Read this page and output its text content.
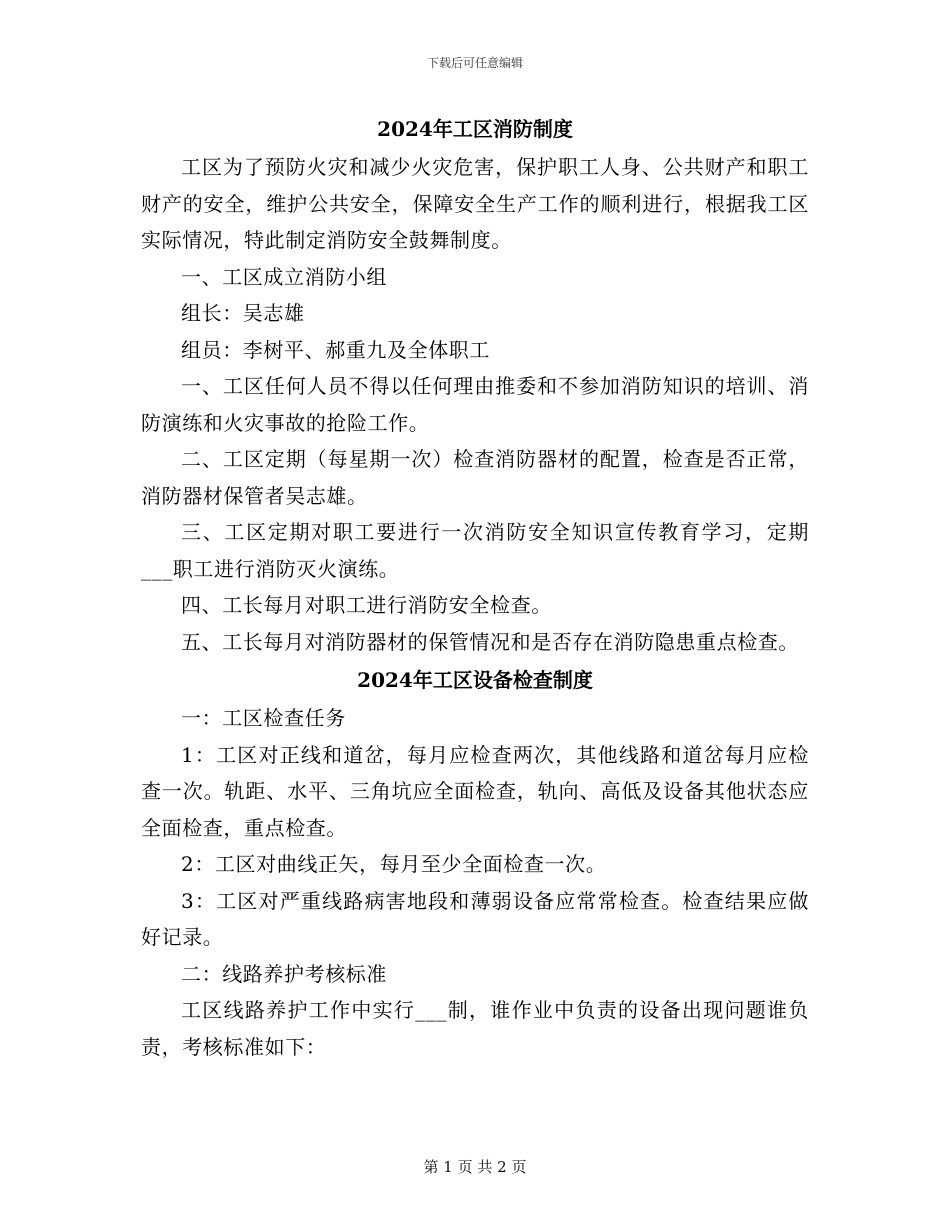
下载后可任意编辑
2024年工区消防制度

工区为了预防火灾和减少火灾危害，保护职工人身、公共财产和职工财产的安全，维护公共安全，保障安全生产工作的顺利进行，根据我工区实际情况，特此制定消防安全鼓舞制度。

一、工区成立消防小组

组长：吴志雄

组员：李树平、郝重九及全体职工

一、工区任何人员不得以任何理由推委和不参加消防知识的培训、消防演练和火灾事故的抢险工作。

二、工区定期（每星期一次）检查消防器材的配置，检查是否正常，消防器材保管者吴志雄。

三、工区定期对职工要进行一次消防安全知识宣传教育学习，定期___职工进行消防灭火演练。

四、工长每月对职工进行消防安全检查。

五、工长每月对消防器材的保管情况和是否存在消防隐患重点检查。

2024年工区设备检查制度

一：工区检查任务

1：工区对正线和道岔，每月应检查两次，其他线路和道岔每月应检查一次。轨距、水平、三角坑应全面检查，轨向、高低及设备其他状态应全面检查，重点检查。

2：工区对曲线正矢，每月至少全面检查一次。

3：工区对严重线路病害地段和薄弱设备应常常检查。检查结果应做好记录。

二：线路养护考核标准

工区线路养护工作中实行___制，谁作业中负责的设备出现问题谁负责，考核标准如下：

第 1 页 共 2 页
